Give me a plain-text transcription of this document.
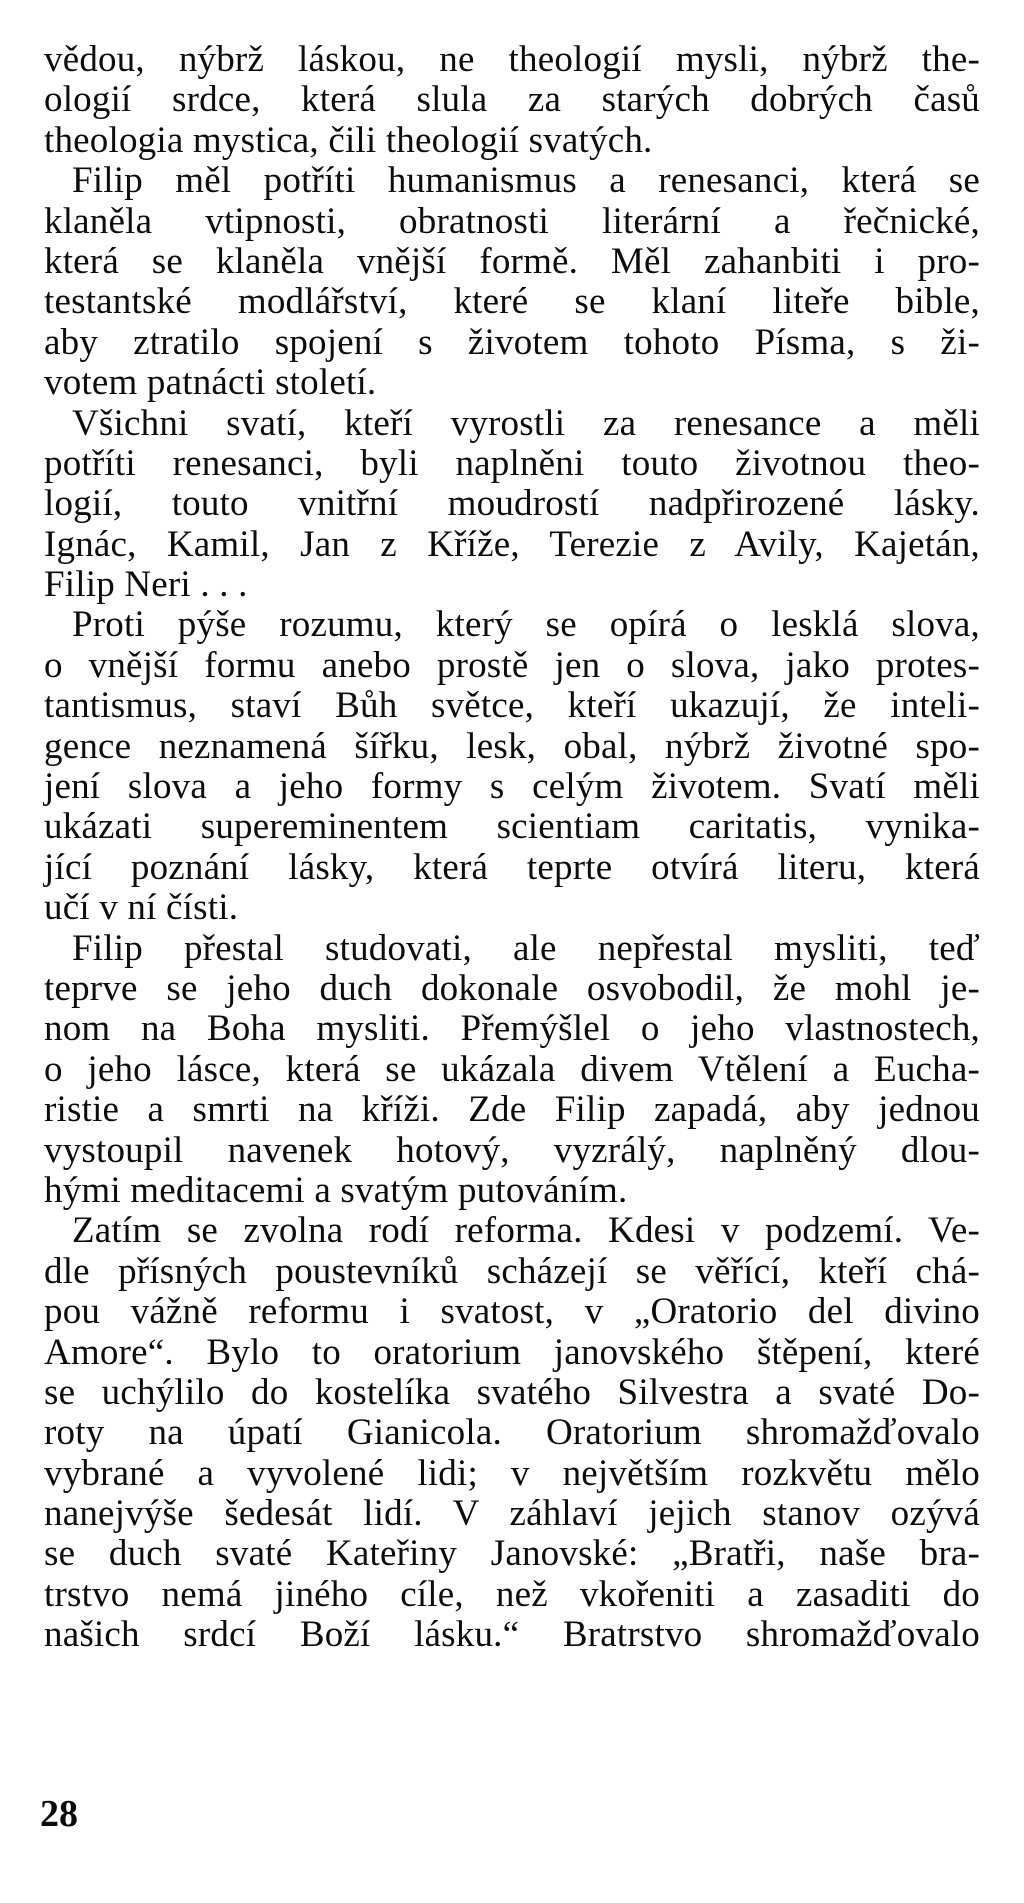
vědou, nýbrž láskou, ne theologií mysli, nýbrž the-
ologií srdce, která slula za starých dobrých časů
theologia mystica, čili theologií svatých.
Filip měl potříti humanismus a renesanci, která se
klaněla vtipnosti, obratnosti literární a řečnické,
která se klaněla vnější formě. Měl zahanbiti i pro-
testantské modlářství, které se klaní liteře bible,
aby ztratilo spojení s životem tohoto Písma, s ži-
votem patnácti století.
Všichni svatí, kteří vyrostli za renesance a měli
potříti renesanci, byli naplněni touto životnou theo-
logií, touto vnitřní moudrostí nadpřirozené lásky.
Ignác, Kamil, Jan z Kříže, Terezie z Avily, Kajetán,
Filip Neri . . .
Proti pýše rozumu, který se opírá o lesklá slova,
o vnější formu anebo prostě jen o slova, jako protes-
tantismus, staví Bůh světce, kteří ukazují, že inteli-
gence neznamená šířku, lesk, obal, nýbrž životné spo-
jení slova a jeho formy s celým životem. Svatí měli
ukázati supereminentem scientiam caritatis, vynika-
jící poznání lásky, která teprte otvírá literu, která
učí v ní čísti.
Filip přestal studovati, ale nepřestal mysliti, teď
teprve se jeho duch dokonale osvobodil, že mohl je-
nom na Boha mysliti. Přemýšlel o jeho vlastnostech,
o jeho lásce, která se ukázala divem Vtělení a Eucha-
ristie a smrti na kříži. Zde Filip zapadá, aby jednou
vystoupil navenek hotový, vyzrálý, naplněný dlou-
hými meditacemi a svatým putováním.
Zatím se zvolna rodí reforma. Kdesi v podzemí. Ve-
dle přísných poustevníků scházejí se věřící, kteří chá-
pou vážně reformu i svatost, v „Oratorio del divino
Amore“. Bylo to oratorium janovského štěpení, které
se uchýlilo do kostelíka svatého Silvestra a svaté Do-
roty na úpatí Gianicola. Oratorium shromažďovalo
vybrané a vyvolené lidi; v největším rozkvětu mělo
nanejvýše šedesát lidí. V záhlaví jejich stanov ozývá
se duch svaté Kateřiny Janovské: „Bratři, naše bra-
trstvo nemá jiného cíle, než vkořeniti a zasaditi do
našich srdcí Boží lásku.“ Bratrstvo shromažďovalo
28
